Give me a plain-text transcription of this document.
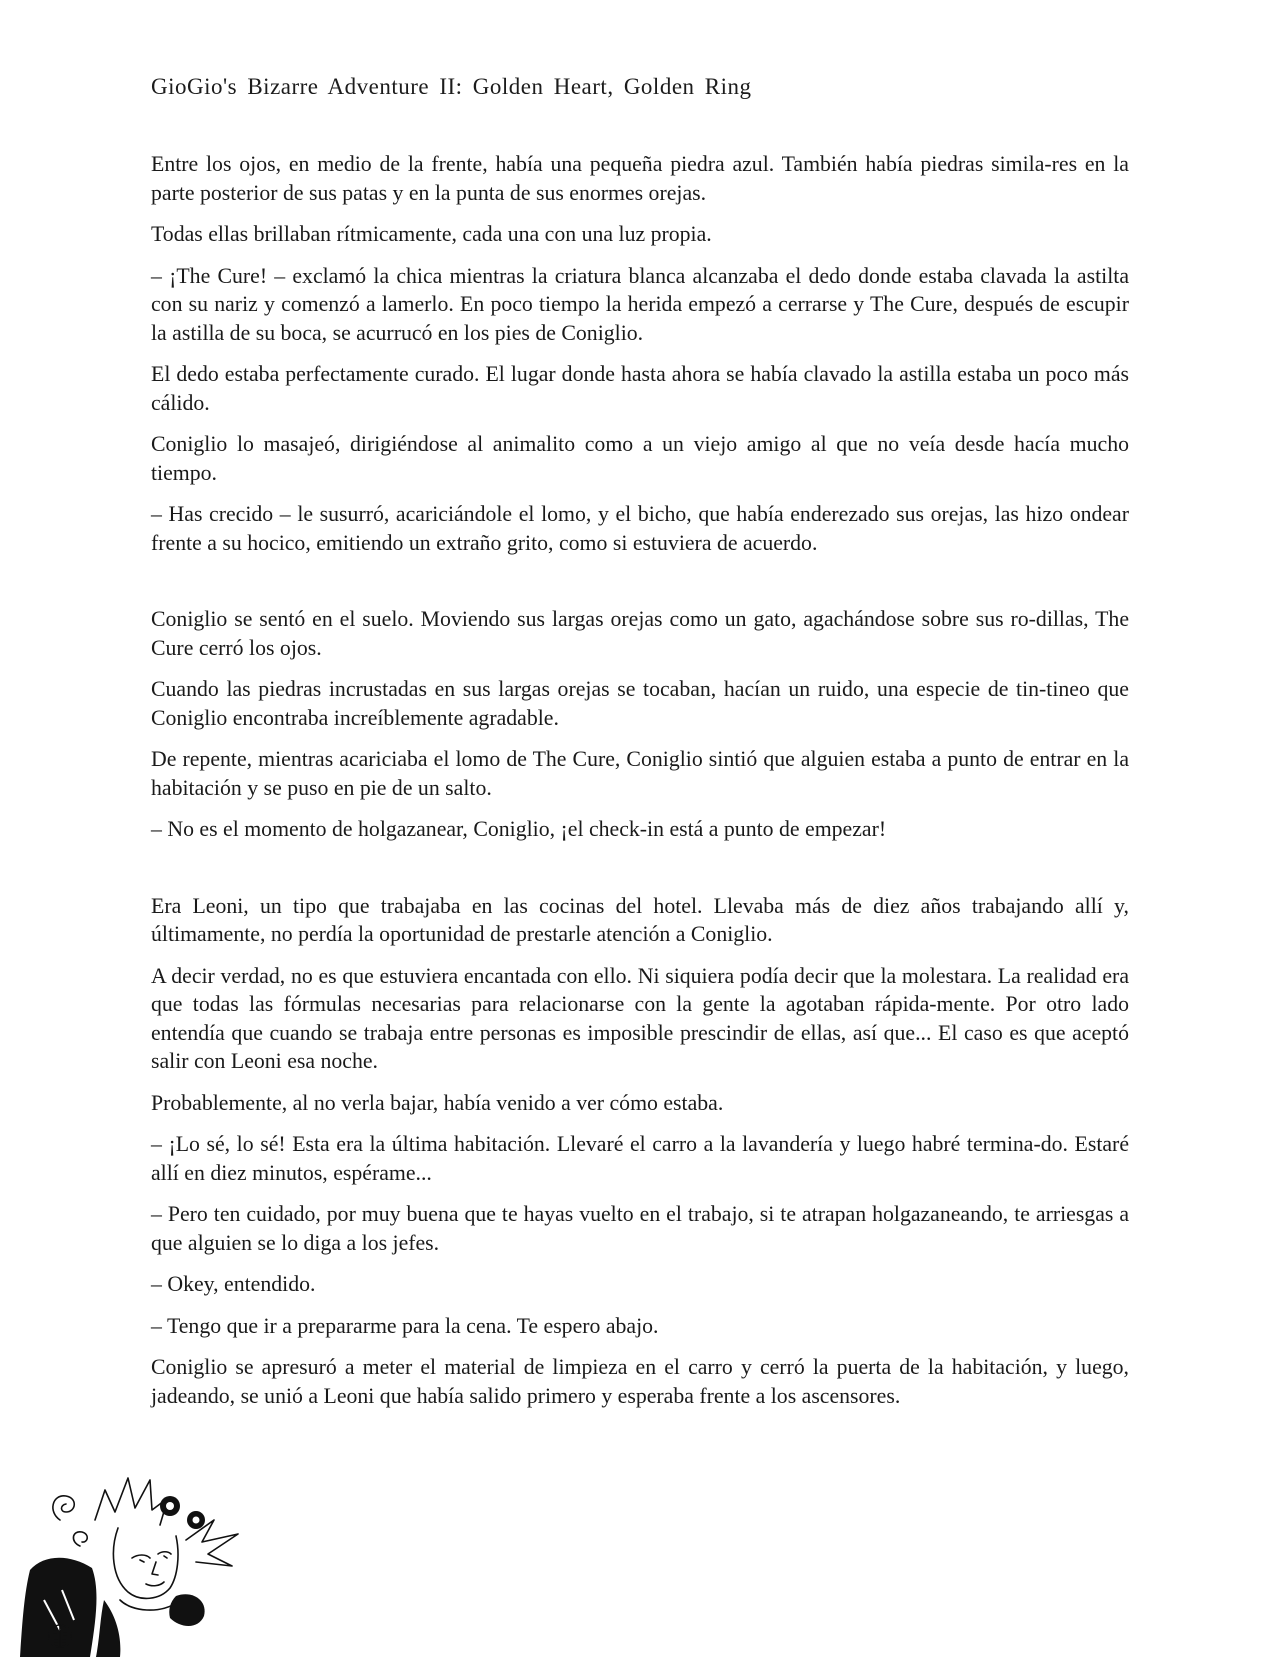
GioGio's Bizarre Adventure II: Golden Heart, Golden Ring

Entre los ojos, en medio de la frente, había una pequeña piedra azul. También había piedras simila-res en la parte posterior de sus patas y en la punta de sus enormes orejas.

Todas ellas brillaban rítmicamente, cada una con una luz propia.

– ¡The Cure! – exclamó la chica mientras la criatura blanca alcanzaba el dedo donde estaba clavada la astilta con su nariz y comenzó a lamerlo. En poco tiempo la herida empezó a cerrarse y The Cure, después de escupir la astilla de su boca, se acurrucó en los pies de Coniglio.

El dedo estaba perfectamente curado. El lugar donde hasta ahora se había clavado la astilla estaba un poco más cálido.

Coniglio lo masajeó, dirigiéndose al animalito como a un viejo amigo al que no veía desde hacía mucho tiempo.

– Has crecido – le susurró, acariciándole el lomo, y el bicho, que había enderezado sus orejas, las hizo ondear frente a su hocico, emitiendo un extraño grito, como si estuviera de acuerdo.

Coniglio se sentó en el suelo. Moviendo sus largas orejas como un gato, agachándose sobre sus ro-dillas, The Cure cerró los ojos.

Cuando las piedras incrustadas en sus largas orejas se tocaban, hacían un ruido, una especie de tin-tineo que Coniglio encontraba increíblemente agradable.

De repente, mientras acariciaba el lomo de The Cure, Coniglio sintió que alguien estaba a punto de entrar en la habitación y se puso en pie de un salto.

– No es el momento de holgazanear, Coniglio, ¡el check-in está a punto de empezar!

Era Leoni, un tipo que trabajaba en las cocinas del hotel. Llevaba más de diez años trabajando allí y, últimamente, no perdía la oportunidad de prestarle atención a Coniglio.

A decir verdad, no es que estuviera encantada con ello. Ni siquiera podía decir que la molestara. La realidad era que todas las fórmulas necesarias para relacionarse con la gente la agotaban rápida-mente. Por otro lado entendía que cuando se trabaja entre personas es imposible prescindir de ellas, así que... El caso es que aceptó salir con Leoni esa noche.

Probablemente, al no verla bajar, había venido a ver cómo estaba.

– ¡Lo sé, lo sé! Esta era la última habitación. Llevaré el carro a la lavandería y luego habré termina-do. Estaré allí en diez minutos, espérame...

– Pero ten cuidado, por muy buena que te hayas vuelto en el trabajo, si te atrapan holgazaneando, te arriesgas a que alguien se lo diga a los jefes.

– Okey, entendido.

– Tengo que ir a prepararme para la cena. Te espero abajo.

Coniglio se apresuró a meter el material de limpieza en el carro y cerró la puerta de la habitación, y luego, jadeando, se unió a Leoni que había salido primero y esperaba frente a los ascensores.
